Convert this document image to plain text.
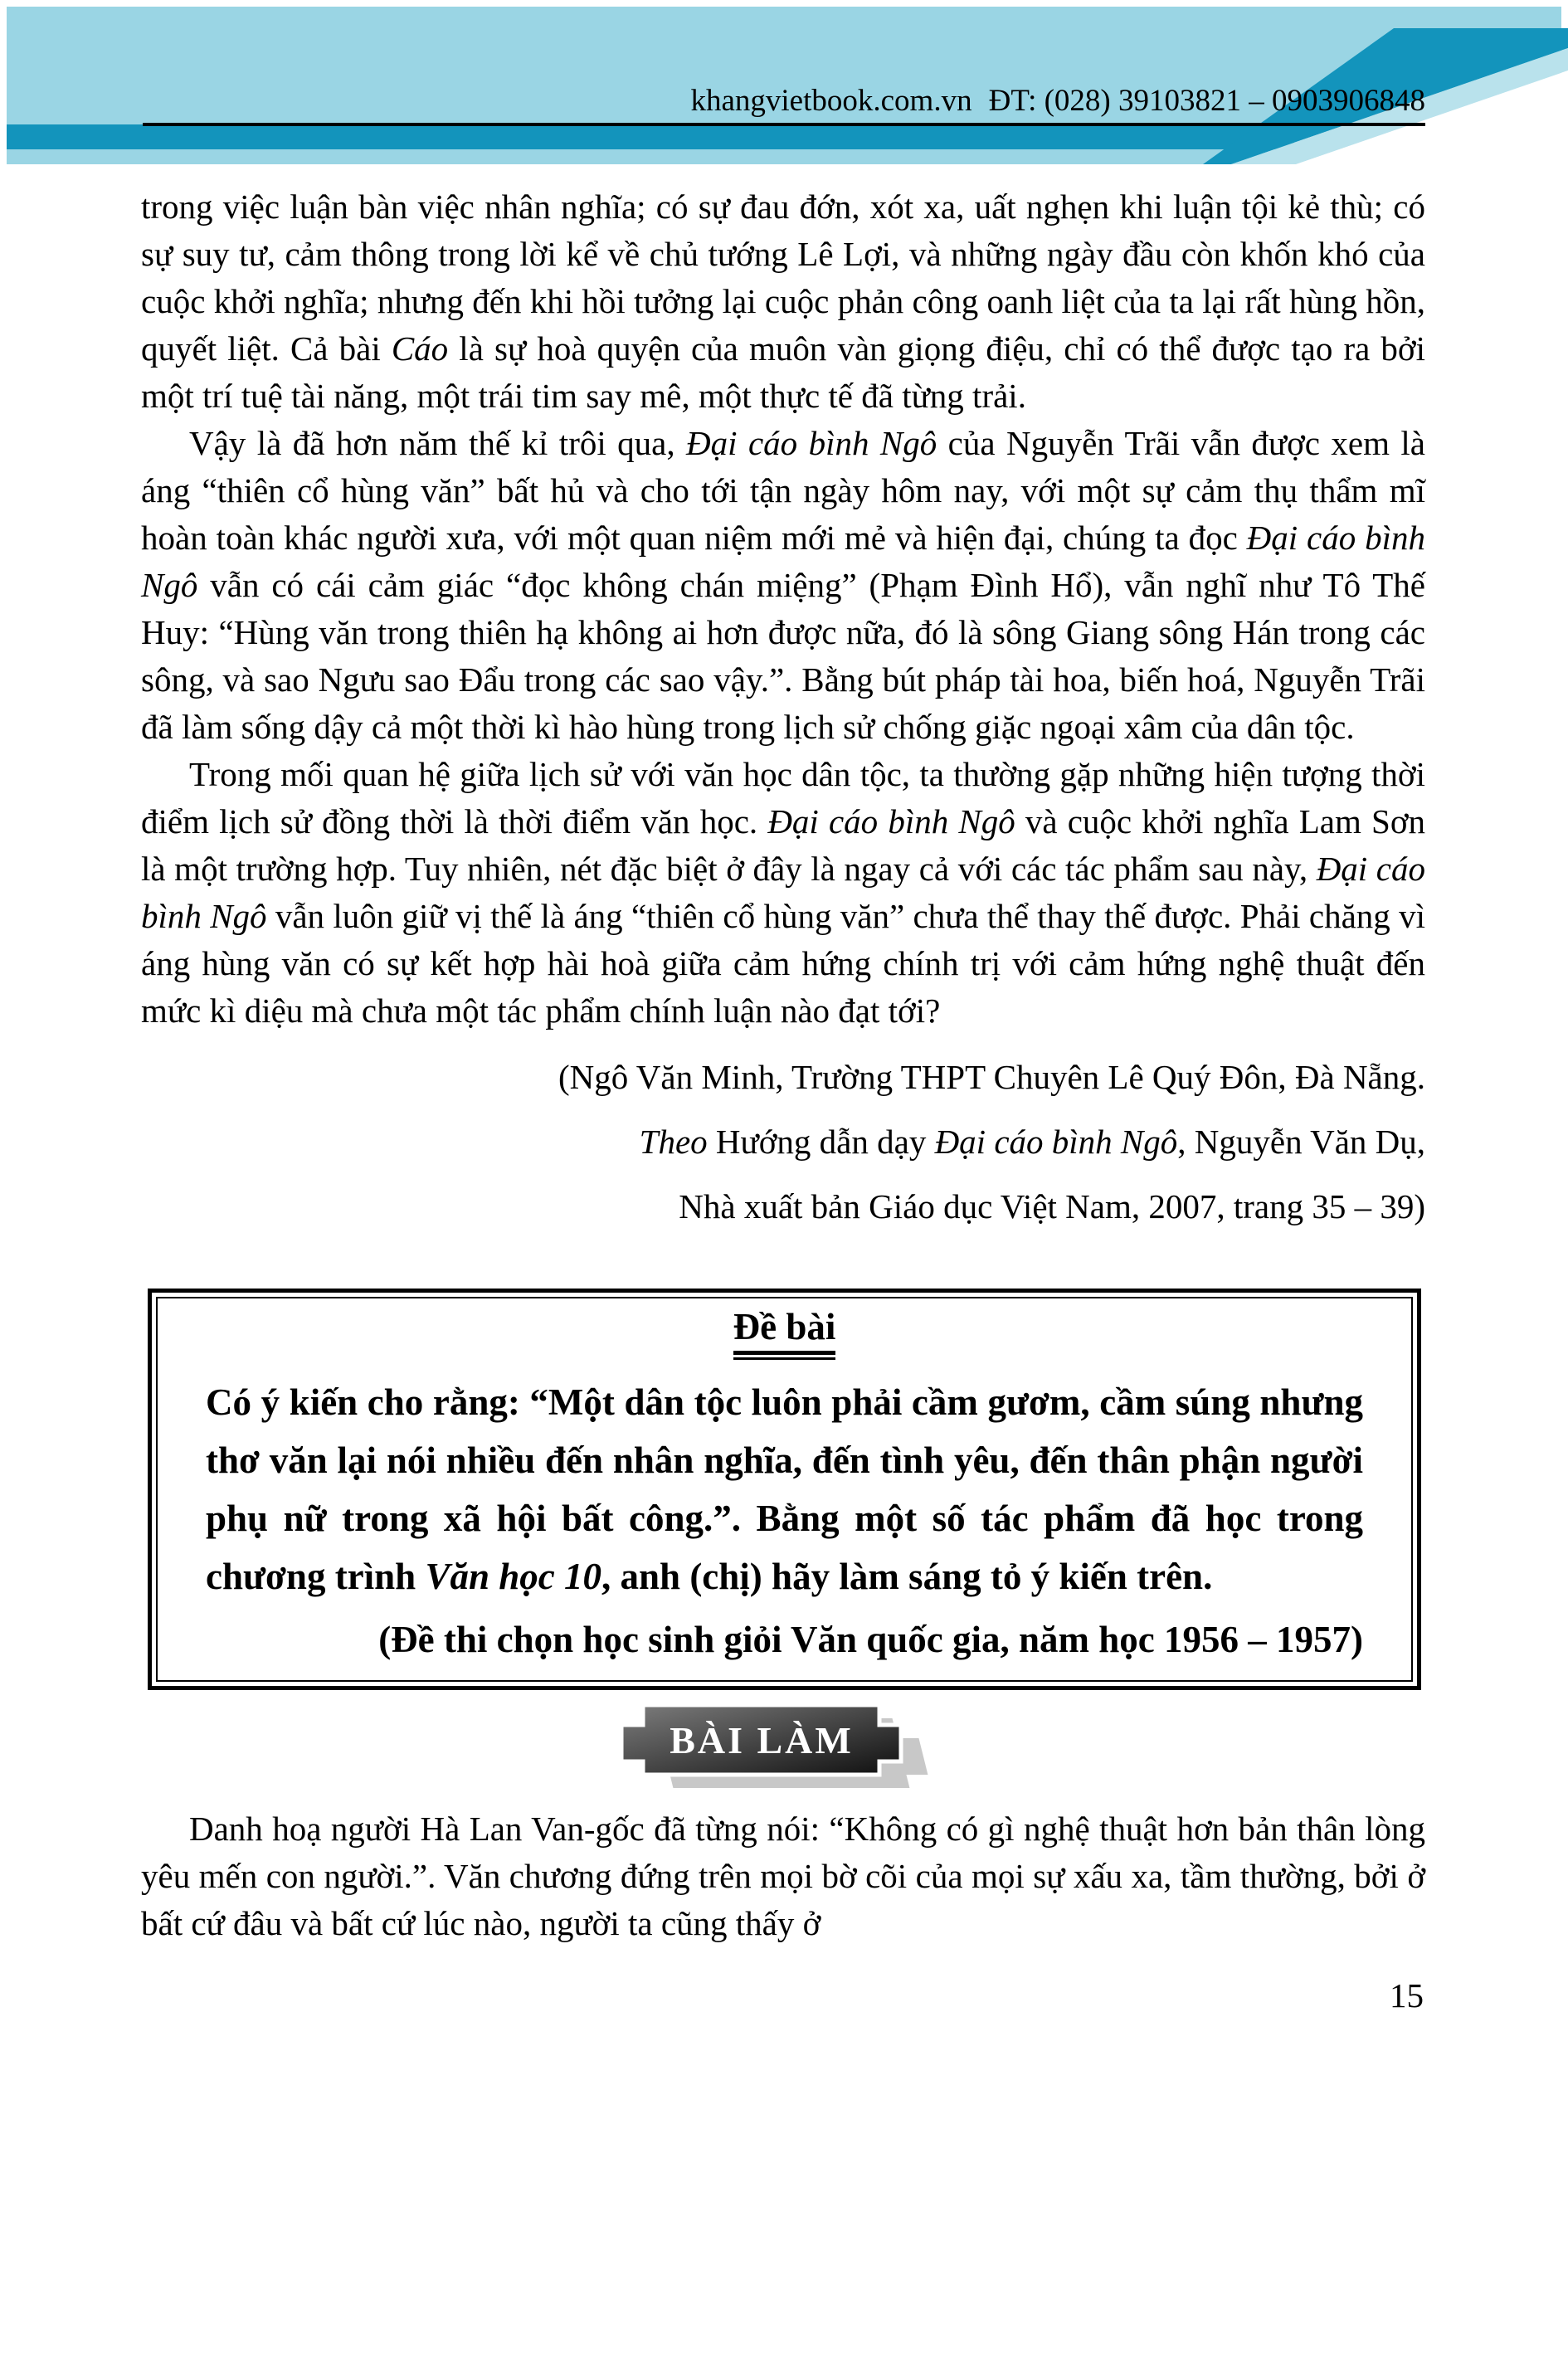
khangvietbook.com.vn ĐT: (028) 39103821 – 0903906848

trong việc luận bàn việc nhân nghĩa; có sự đau đớn, xót xa, uất nghẹn khi luận tội kẻ thù; có sự suy tư, cảm thông trong lời kể về chủ tướng Lê Lợi, và những ngày đầu còn khốn khó của cuộc khởi nghĩa; nhưng đến khi hồi tưởng lại cuộc phản công oanh liệt của ta lại rất hùng hồn, quyết liệt. Cả bài Cáo là sự hoà quyện của muôn vàn giọng điệu, chỉ có thể được tạo ra bởi một trí tuệ tài năng, một trái tim say mê, một thực tế đã từng trải.

Vậy là đã hơn năm thế kỉ trôi qua, Đại cáo bình Ngô của Nguyễn Trãi vẫn được xem là áng “thiên cổ hùng văn” bất hủ và cho tới tận ngày hôm nay, với một sự cảm thụ thẩm mĩ hoàn toàn khác người xưa, với một quan niệm mới mẻ và hiện đại, chúng ta đọc Đại cáo bình Ngô vẫn có cái cảm giác “đọc không chán miệng” (Phạm Đình Hổ), vẫn nghĩ như Tô Thế Huy: “Hùng văn trong thiên hạ không ai hơn được nữa, đó là sông Giang sông Hán trong các sông, và sao Ngưu sao Đẩu trong các sao vậy.”. Bằng bút pháp tài hoa, biến hoá, Nguyễn Trãi đã làm sống dậy cả một thời kì hào hùng trong lịch sử chống giặc ngoại xâm của dân tộc.

Trong mối quan hệ giữa lịch sử với văn học dân tộc, ta thường gặp những hiện tượng thời điểm lịch sử đồng thời là thời điểm văn học. Đại cáo bình Ngô và cuộc khởi nghĩa Lam Sơn là một trường hợp. Tuy nhiên, nét đặc biệt ở đây là ngay cả với các tác phẩm sau này, Đại cáo bình Ngô vẫn luôn giữ vị thế là áng “thiên cổ hùng văn” chưa thể thay thế được. Phải chăng vì áng hùng văn có sự kết hợp hài hoà giữa cảm hứng chính trị với cảm hứng nghệ thuật đến mức kì diệu mà chưa một tác phẩm chính luận nào đạt tới?

(Ngô Văn Minh, Trường THPT Chuyên Lê Quý Đôn, Đà Nẵng.
Theo Hướng dẫn dạy Đại cáo bình Ngô, Nguyễn Văn Dụ,
Nhà xuất bản Giáo dục Việt Nam, 2007, trang 35 – 39)
Đề bài
Có ý kiến cho rằng: “Một dân tộc luôn phải cầm gươm, cầm súng nhưng thơ văn lại nói nhiều đến nhân nghĩa, đến tình yêu, đến thân phận người phụ nữ trong xã hội bất công.”. Bằng một số tác phẩm đã học trong chương trình Văn học 10, anh (chị) hãy làm sáng tỏ ý kiến trên.
(Đề thi chọn học sinh giỏi Văn quốc gia, năm học 1956 – 1957)
BÀI LÀM

Danh hoạ người Hà Lan Van-gốc đã từng nói: “Không có gì nghệ thuật hơn bản thân lòng yêu mến con người.”. Văn chương đứng trên mọi bờ cõi của mọi sự xấu xa, tầm thường, bởi ở bất cứ đâu và bất cứ lúc nào, người ta cũng thấy ở

15
